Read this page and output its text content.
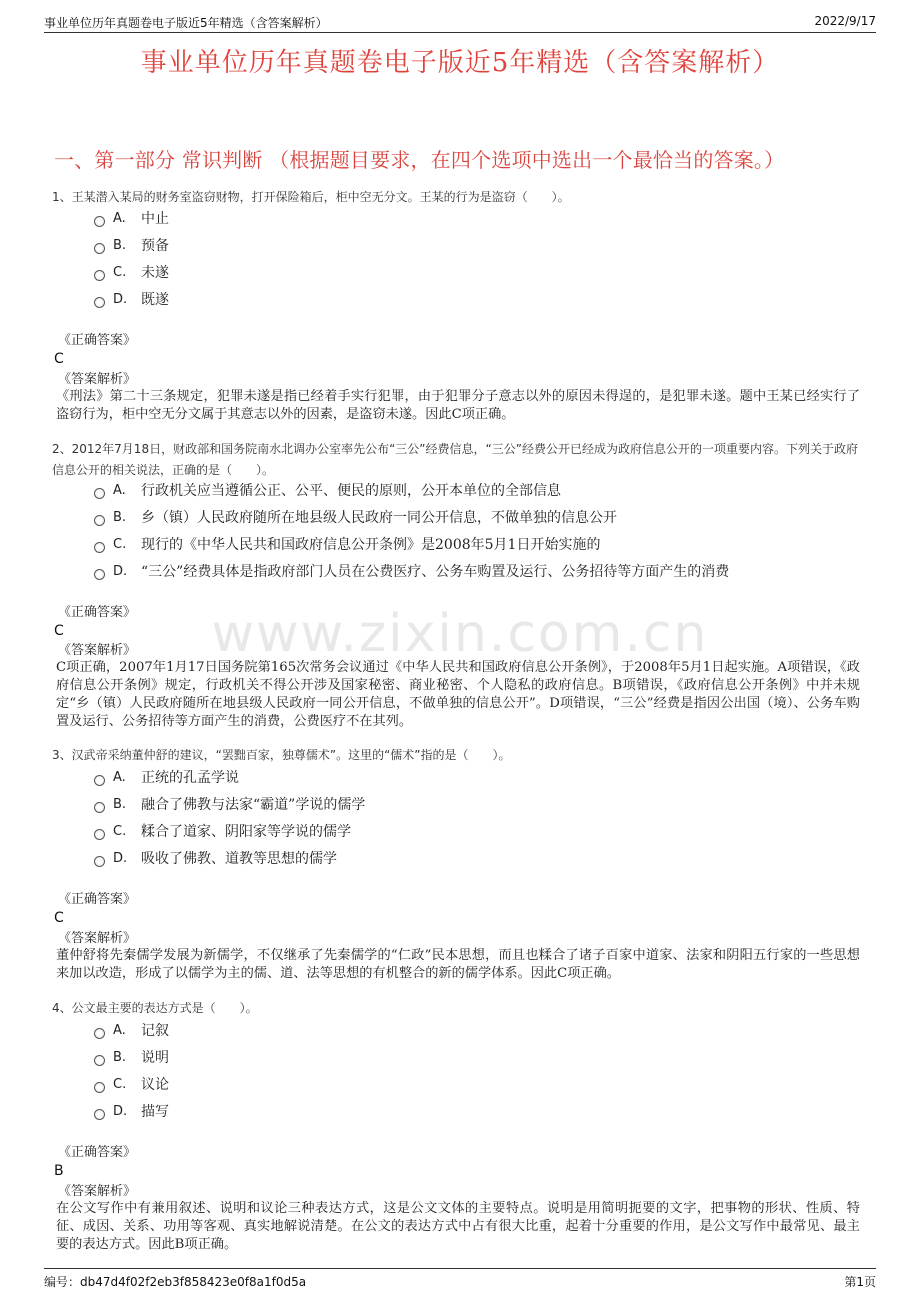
事业单位历年真题卷电子版近5年精选（含答案解析）	2022/9/17
事业单位历年真题卷电子版近5年精选（含答案解析）
一、第一部分 常识判断 （根据题目要求，在四个选项中选出一个最恰当的答案。）
www.zixin.com.cn
1、王某潜入某局的财务室盗窃财物，打开保险箱后，柜中空无分文。王某的行为是盗窃（　　）。
A.	中止
B.	预备
C.	未遂
D. 既遂
《正确答案》
C
《答案解析》
《刑法》第二十三条规定，犯罪未遂是指已经着手实行犯罪，由于犯罪分子意志以外的原因未得逞的，是犯罪未遂。题中王某已经实行了盗窃行为，柜中空无分文属于其意志以外的因素，是盗窃未遂。因此C项正确。
2、2012年7月18日，财政部和国务院南水北调办公室率先公布“三公”经费信息，“三公”经费公开已经成为政府信息公开的一项重要内容。下列关于政府信息公开的相关说法，正确的是（　　）。
A.	行政机关应当遵循公正、公平、便民的原则，公开本单位的全部信息
B.	乡（镇）人民政府随所在地县级人民政府一同公开信息，不做单独的信息公开
C.	现行的《中华人民共和国政府信息公开条例》是2008年5月1日开始实施的
D. “三公”经费具体是指政府部门人员在公费医疗、公务车购置及运行、公务招待等方面产生的消费
《正确答案》
C
《答案解析》
C项正确，2007年1月17日国务院第165次常务会议通过《中华人民共和国政府信息公开条例》，于2008年5月1日起实施。A项错误，《政府信息公开条例》规定，行政机关不得公开涉及国家秘密、商业秘密、个人隐私的政府信息。B项错误，《政府信息公开条例》中并未规定“乡（镇）人民政府随所在地县级人民政府一同公开信息，不做单独的信息公开”。D项错误，“三公”经费是指因公出国（境）、公务车购置及运行、公务招待等方面产生的消费，公费医疗不在其列。
3、汉武帝采纳董仲舒的建议，“罢黜百家，独尊儒术”。这里的“儒术”指的是（　　）。
A.	正统的孔孟学说
B.	融合了佛教与法家“霸道”学说的儒学
C.	糅合了道家、阴阳家等学说的儒学
D. 吸收了佛教、道教等思想的儒学
《正确答案》
C
《答案解析》
董仲舒将先秦儒学发展为新儒学，不仅继承了先秦儒学的“仁政”民本思想，而且也糅合了诸子百家中道家、法家和阴阳五行家的一些思想来加以改造，形成了以儒学为主的儒、道、法等思想的有机整合的新的儒学体系。因此C项正确。
4、公文最主要的表达方式是（　　）。
A.	记叙
B.	说明
C.	议论
D. 描写
《正确答案》
B
《答案解析》
在公文写作中有兼用叙述、说明和议论三种表达方式，这是公文文体的主要特点。说明是用简明扼要的文字，把事物的形状、性质、特征、成因、关系、功用等客观、真实地解说清楚。在公文的表达方式中占有很大比重，起着十分重要的作用，是公文写作中最常见、最主要的表达方式。因此B项正确。
编号：db47d4f02f2eb3f858423e0f8a1f0d5a	第1页
